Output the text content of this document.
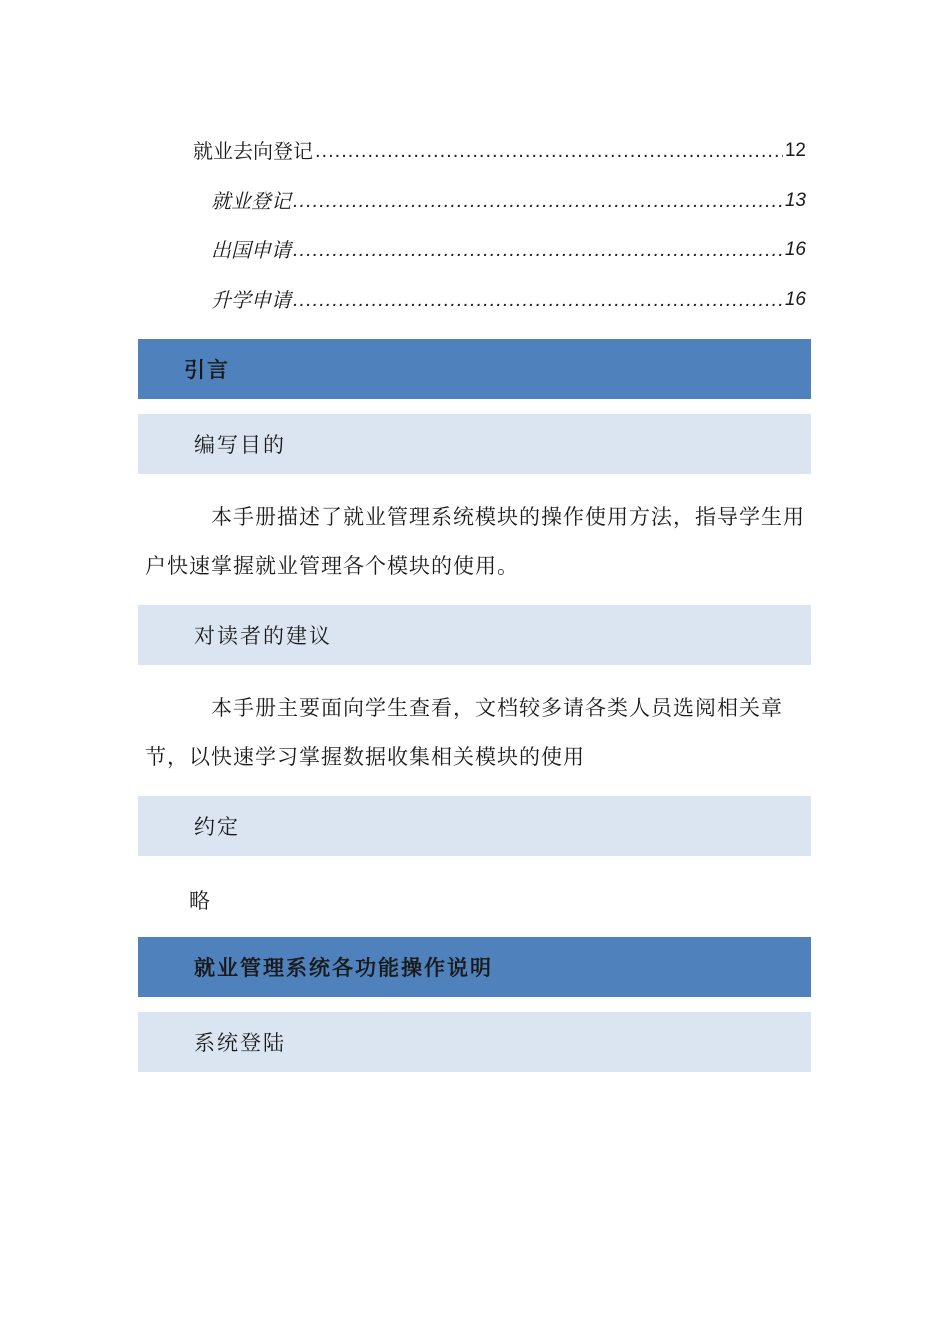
就业去向登记 .....	12
就业登记 .....	13
出国申请 .....	16
升学申请 .....	16
引言
编写目的

本手册描述了就业管理系统模块的操作使用方法，指导学生用户快速掌握就业管理各个模块的使用。

对读者的建议

本手册主要面向学生查看，文档较多请各类人员选阅相关章节，以快速学习掌握数据收集相关模块的使用

约定
略
就业管理系统各功能操作说明
系统登陆
